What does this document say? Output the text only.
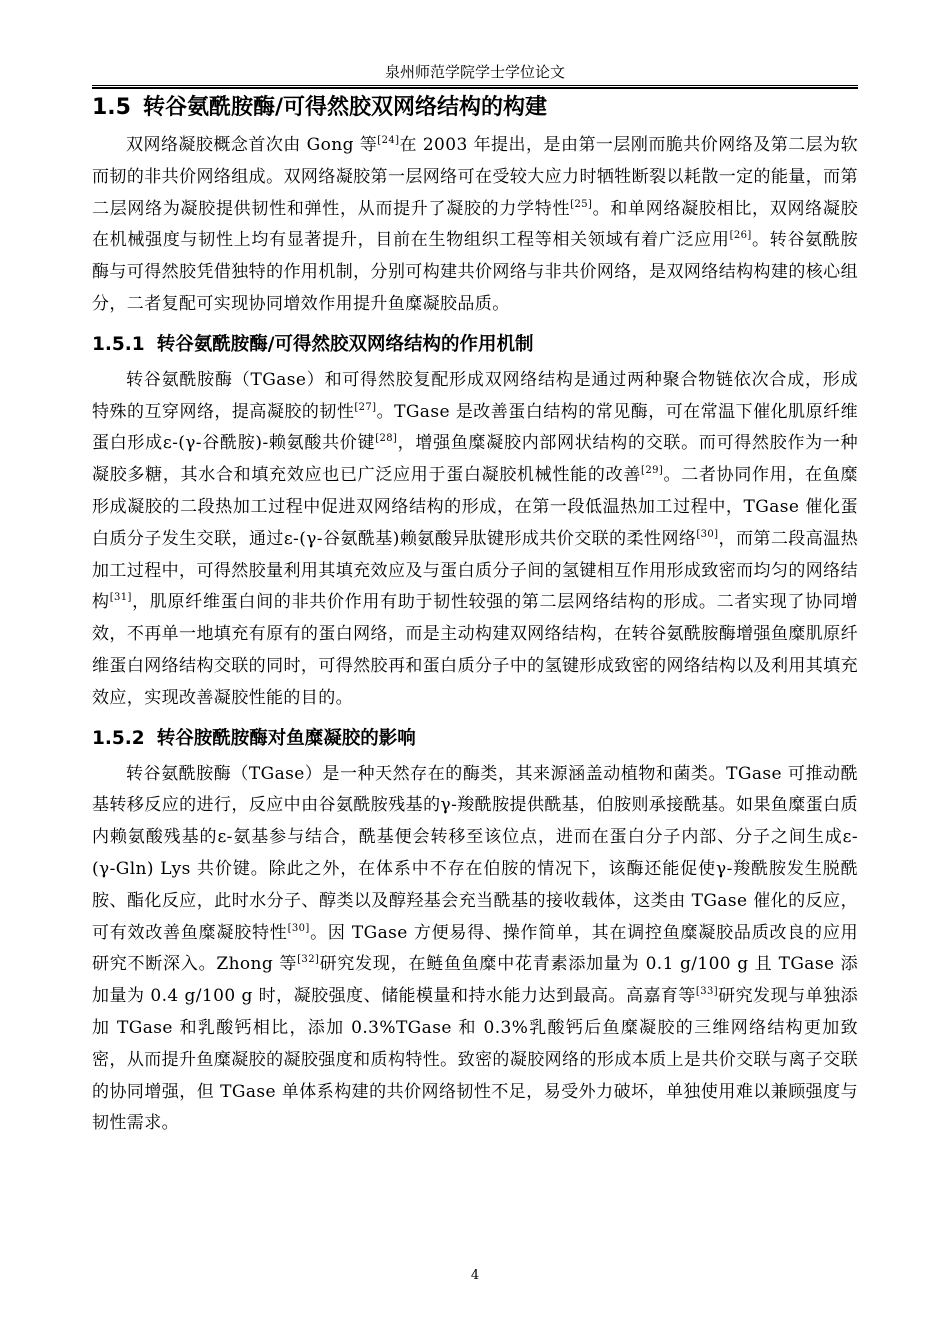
泉州师范学院学士学位论文
1.5 转谷氨酰胺酶/可得然胶双网络结构的构建

双网络凝胶概念首次由 Gong 等[24]在 2003 年提出，是由第一层刚而脆共价网络及第二层为软而韧的非共价网络组成。双网络凝胶第一层网络可在受较大应力时牺牲断裂以耗散一定的能量，而第二层网络为凝胶提供韧性和弹性，从而提升了凝胶的力学特性[25]。和单网络凝胶相比，双网络凝胶在机械强度与韧性上均有显著提升，目前在生物组织工程等相关领域有着广泛应用[26]。转谷氨酰胺酶与可得然胶凭借独特的作用机制，分别可构建共价网络与非共价网络，是双网络结构构建的核心组分，二者复配可实现协同增效作用提升鱼糜凝胶品质。

1.5.1 转谷氨酰胺酶/可得然胶双网络结构的作用机制

转谷氨酰胺酶（TGase）和可得然胶复配形成双网络结构是通过两种聚合物链依次合成，形成特殊的互穿网络，提高凝胶的韧性[27]。TGase 是改善蛋白结构的常见酶，可在常温下催化肌原纤维蛋白形成ε-(γ-谷酰胺)-赖氨酸共价键[28]，增强鱼糜凝胶内部网状结构的交联。而可得然胶作为一种凝胶多糖，其水合和填充效应也已广泛应用于蛋白凝胶机械性能的改善[29]。二者协同作用，在鱼糜形成凝胶的二段热加工过程中促进双网络结构的形成，在第一段低温热加工过程中，TGase 催化蛋白质分子发生交联，通过ε-(γ-谷氨酰基)赖氨酸异肽键形成共价交联的柔性网络[30]，而第二段高温热加工过程中，可得然胶量利用其填充效应及与蛋白质分子间的氢键相互作用形成致密而均匀的网络结构[31]，肌原纤维蛋白间的非共价作用有助于韧性较强的第二层网络结构的形成。二者实现了协同增效，不再单一地填充有原有的蛋白网络，而是主动构建双网络结构，在转谷氨酰胺酶增强鱼糜肌原纤维蛋白网络结构交联的同时，可得然胶再和蛋白质分子中的氢键形成致密的网络结构以及利用其填充效应，实现改善凝胶性能的目的。

1.5.2 转谷胺酰胺酶对鱼糜凝胶的影响

转谷氨酰胺酶（TGase）是一种天然存在的酶类，其来源涵盖动植物和菌类。TGase 可推动酰基转移反应的进行，反应中由谷氨酰胺残基的γ-羧酰胺提供酰基，伯胺则承接酰基。如果鱼糜蛋白质内赖氨酸残基的ε-氨基参与结合，酰基便会转移至该位点，进而在蛋白分子内部、分子之间生成ε-(γ-Gln) Lys 共价键。除此之外，在体系中不存在伯胺的情况下，该酶还能促使γ-羧酰胺发生脱酰胺、酯化反应，此时水分子、醇类以及醇羟基会充当酰基的接收载体，这类由 TGase 催化的反应，可有效改善鱼糜凝胶特性[30]。因 TGase 方便易得、操作简单，其在调控鱼糜凝胶品质改良的应用研究不断深入。Zhong 等[32]研究发现，在鲢鱼鱼糜中花青素添加量为 0.1 g/100 g 且 TGase 添加量为 0.4 g/100 g 时，凝胶强度、储能模量和持水能力达到最高。高嘉育等[33]研究发现与单独添加 TGase 和乳酸钙相比，添加 0.3%TGase 和 0.3%乳酸钙后鱼糜凝胶的三维网络结构更加致密，从而提升鱼糜凝胶的凝胶强度和质构特性。致密的凝胶网络的形成本质上是共价交联与离子交联的协同增强，但 TGase 单体系构建的共价网络韧性不足，易受外力破坏，单独使用难以兼顾强度与韧性需求。

4
